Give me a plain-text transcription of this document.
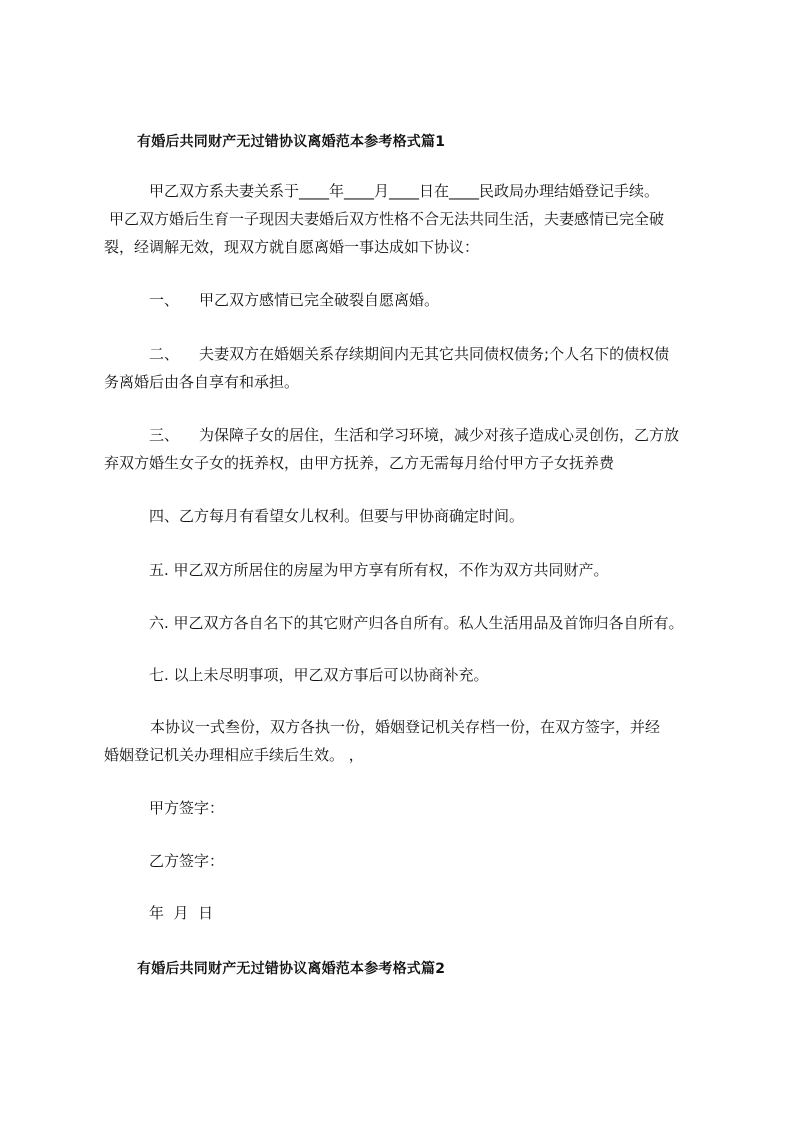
有婚后共同财产无过错协议离婚范本参考格式篇1
甲乙双方系夫妻关系于____年____月____日在____民政局办理结婚登记手续。
甲乙双方婚后生育一子现因夫妻婚后双方性格不合无法共同生活，夫妻感情已完全破
裂，经调解无效，现双方就自愿离婚一事达成如下协议：
一、 甲乙双方感情已完全破裂自愿离婚。
二、 夫妻双方在婚姻关系存续期间内无其它共同债权债务;个人名下的债权债
务离婚后由各自享有和承担。
三、 为保障子女的居住，生活和学习环境，减少对孩子造成心灵创伤，乙方放
弃双方婚生女子女的抚养权，由甲方抚养，乙方无需每月给付甲方子女抚养费
四、乙方每月有看望女儿权利。但要与甲协商确定时间。
五. 甲乙双方所居住的房屋为甲方享有所有权，不作为双方共同财产。
六. 甲乙双方各自名下的其它财产归各自所有。私人生活用品及首饰归各自所有。
七. 以上未尽明事项，甲乙双方事后可以协商补充。
本协议一式叁份，双方各执一份，婚姻登记机关存档一份，在双方签字，并经
婚姻登记机关办理相应手续后生效。 ，
甲方签字：
乙方签字：
年  月  日
有婚后共同财产无过错协议离婚范本参考格式篇2
